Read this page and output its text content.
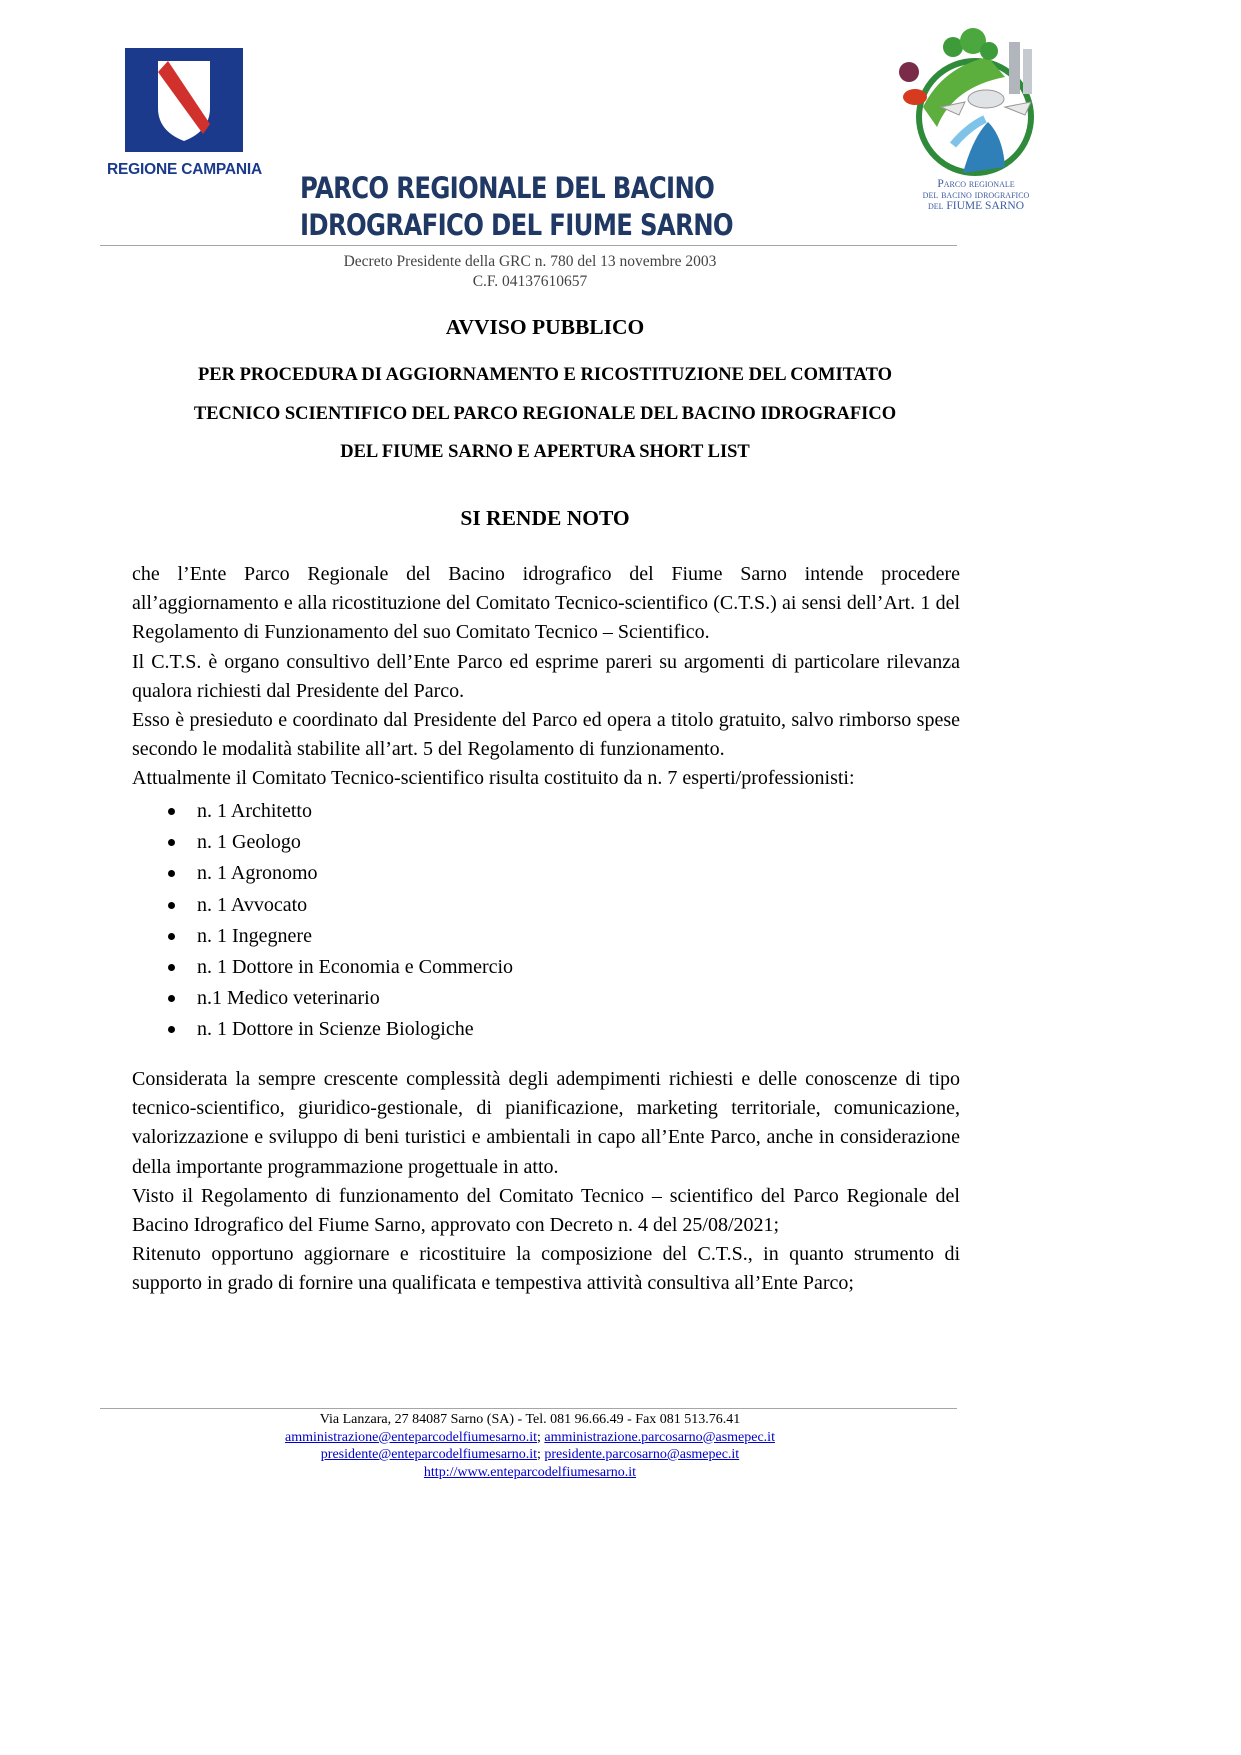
REGIONE CAMPANIA
PARCO REGIONALE DEL BACINO
IDROGRAFICO DEL FIUME SARNO
Decreto Presidente della GRC n. 780 del 13 novembre 2003
C.F. 04137610657
Parco regionale
del bacino idrografico
del FIUME SARNO
AVVISO PUBBLICO
PER PROCEDURA DI AGGIORNAMENTO E RICOSTITUZIONE DEL COMITATO
TECNICO SCIENTIFICO DEL PARCO REGIONALE DEL BACINO IDROGRAFICO
DEL FIUME SARNO E APERTURA SHORT LIST
SI RENDE NOTO

che l’Ente Parco Regionale del Bacino idrografico del Fiume Sarno intende procedere all’aggiornamento e alla ricostituzione del Comitato Tecnico-scientifico (C.T.S.) ai sensi dell’Art. 1 del Regolamento di Funzionamento del suo Comitato Tecnico – Scientifico.

Il C.T.S. è organo consultivo dell’Ente Parco ed esprime pareri su argomenti di particolare rilevanza qualora richiesti dal Presidente del Parco.

Esso è presieduto e coordinato dal Presidente del Parco ed opera a titolo gratuito, salvo rimborso spese secondo le modalità stabilite all’art. 5 del Regolamento di funzionamento.

Attualmente il Comitato Tecnico-scientifico risulta costituito da n. 7 esperti/professionisti:

n. 1 Architetto
n. 1 Geologo
n. 1 Agronomo
n. 1 Avvocato
n. 1 Ingegnere
n. 1 Dottore in Economia e Commercio
n.1 Medico veterinario
n. 1 Dottore in Scienze Biologiche

Considerata la sempre crescente complessità degli adempimenti richiesti e delle conoscenze di tipo tecnico-scientifico, giuridico-gestionale, di pianificazione, marketing territoriale, comunicazione, valorizzazione e sviluppo di beni turistici e ambientali in capo all’Ente Parco, anche in considerazione della importante programmazione progettuale in atto.

Visto il Regolamento di funzionamento del Comitato Tecnico – scientifico del Parco Regionale del Bacino Idrografico del Fiume Sarno, approvato con Decreto n. 4 del 25/08/2021;

Ritenuto opportuno aggiornare e ricostituire la composizione del C.T.S., in quanto strumento di supporto in grado di fornire una qualificata e tempestiva attività consultiva all’Ente Parco;

Via Lanzara, 27 84087 Sarno (SA) - Tel. 081 96.66.49 - Fax 081 513.76.41
amministrazione@enteparcodelfiumesarno.it; amministrazione.parcosarno@asmepec.it
presidente@enteparcodelfiumesarno.it; presidente.parcosarno@asmepec.it
http://www.enteparcodelfiumesarno.it
